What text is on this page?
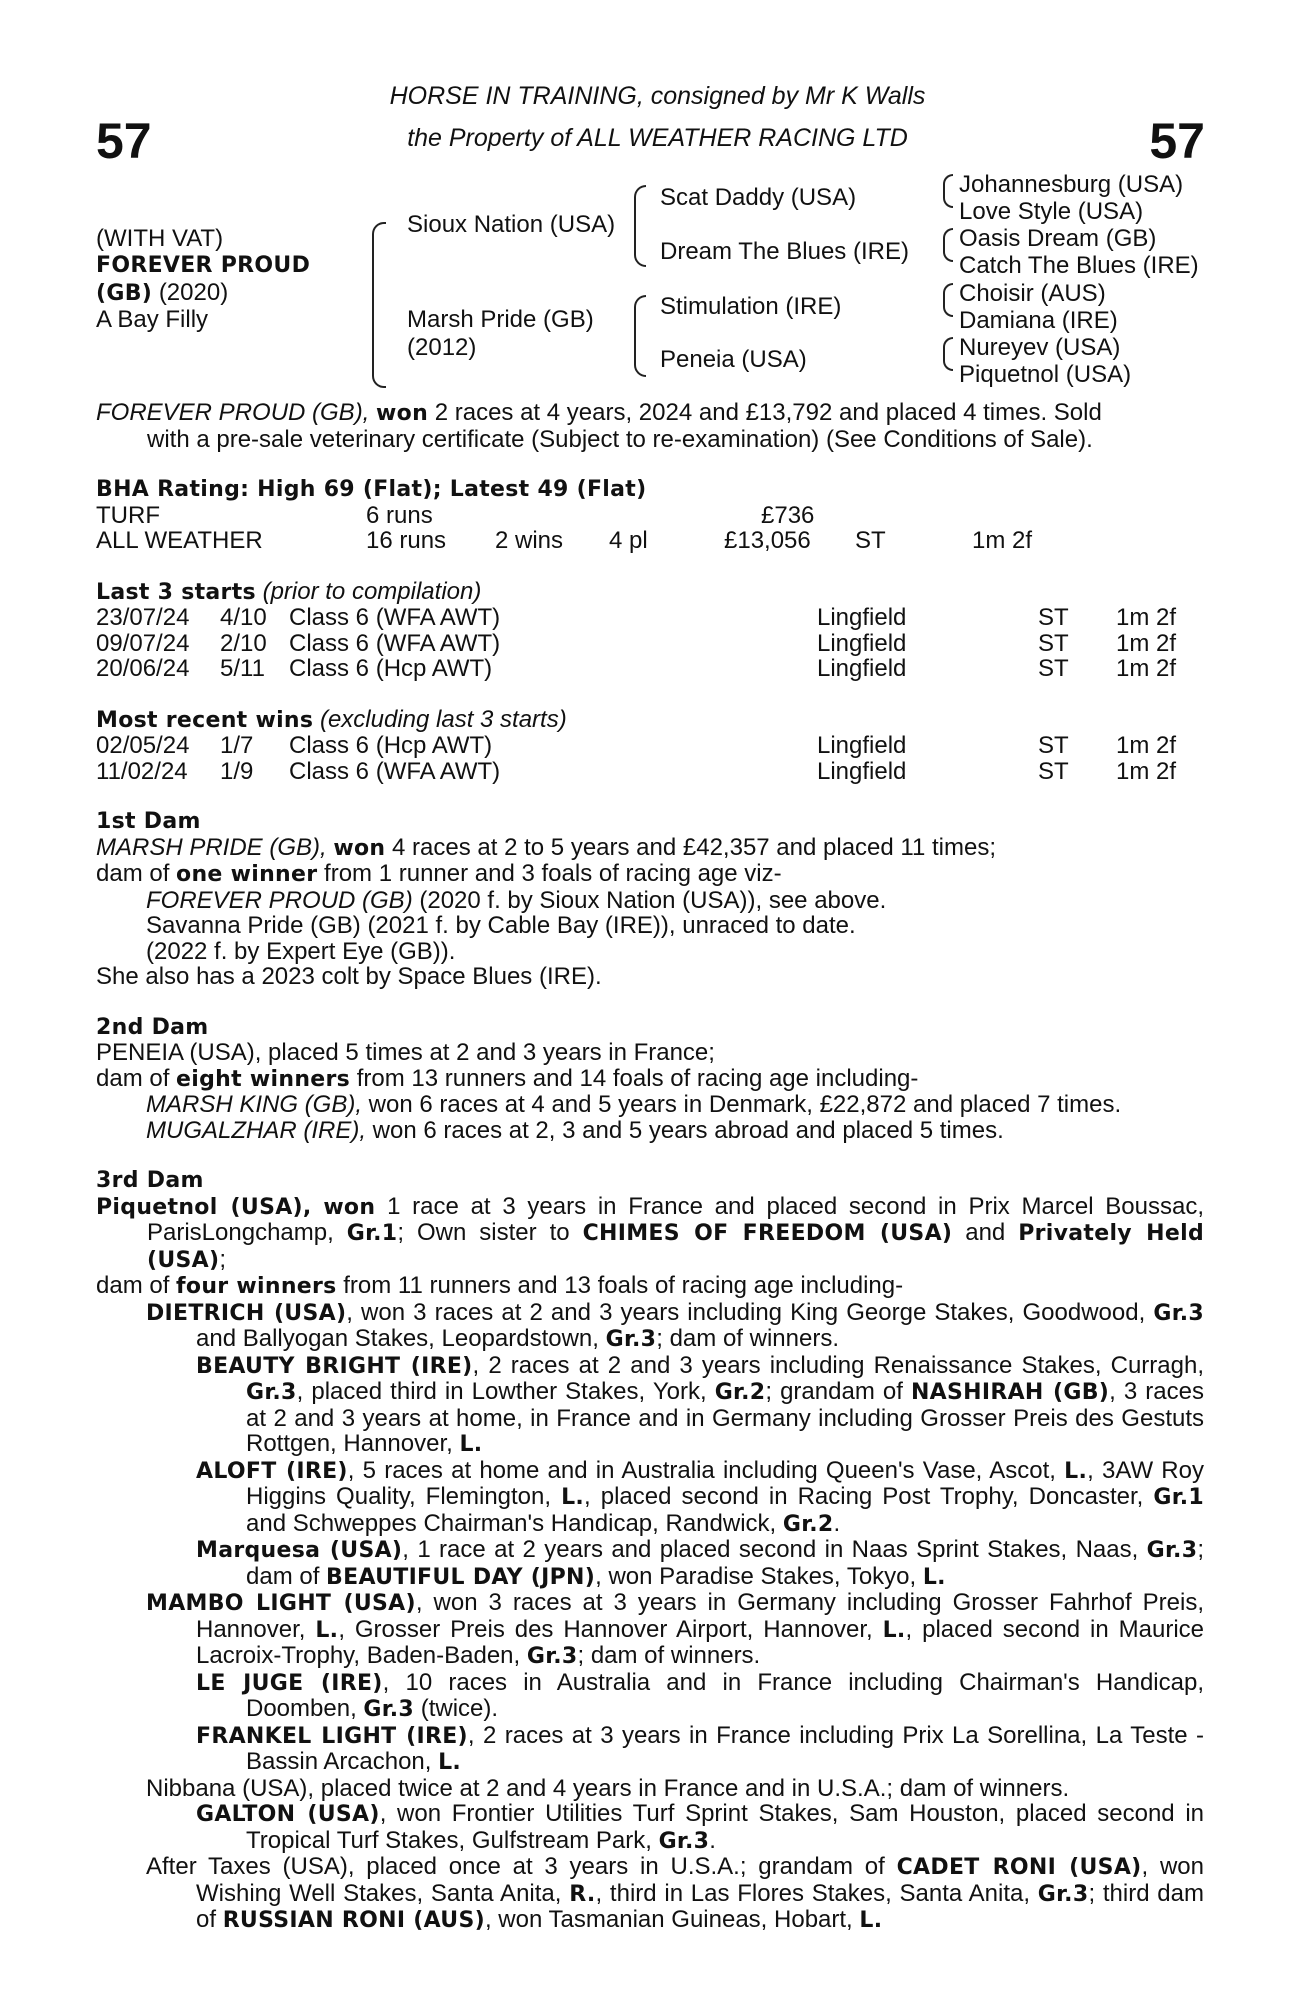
57	57
HORSE IN TRAINING, consigned by Mr K Walls
the Property of ALL WEATHER RACING LTD
(WITH VAT)
FOREVER PROUD
(GB) (2020)
A Bay Filly
Sioux Nation (USA)
Marsh Pride (GB)
(2012)
Scat Daddy (USA)
Dream The Blues (IRE)
Stimulation (IRE)
Peneia (USA)
Johannesburg (USA)
Love Style (USA)
Oasis Dream (GB)
Catch The Blues (IRE)
Choisir (AUS)
Damiana (IRE)
Nureyev (USA)
Piquetnol (USA)

FOREVER PROUD (GB), won 2 races at 4 years, 2024 and £13,792 and placed 4 times. Sold
with a pre-sale veterinary certificate (Subject to re-examination) (See Conditions of Sale).

BHA Rating: High 69 (Flat); Latest 49 (Flat)

TURF	6 runs	£736
ALL WEATHER	16 runs 2 wins 4 pl	£13,056 ST	1m 2f

Last 3 starts (prior to compilation)

23/07/24 4/10 Class 6 (WFA AWT)	Lingfield	ST 1m 2f
09/07/24 2/10 Class 6 (WFA AWT)	Lingfield	ST 1m 2f
20/06/24 5/11 Class 6 (Hcp AWT)	Lingfield	ST 1m 2f

Most recent wins (excluding last 3 starts)

02/05/24 1/7 Class 6 (Hcp AWT)	Lingfield	ST 1m 2f
11/02/24 1/9 Class 6 (WFA AWT)	Lingfield	ST 1m 2f

1st Dam

MARSH PRIDE (GB), won 4 races at 2 to 5 years and £42,357 and placed 11 times;

dam of one winner from 1 runner and 3 foals of racing age viz-

FOREVER PROUD (GB) (2020 f. by Sioux Nation (USA)), see above.

Savanna Pride (GB) (2021 f. by Cable Bay (IRE)), unraced to date.

(2022 f. by Expert Eye (GB)).

She also has a 2023 colt by Space Blues (IRE).

2nd Dam

PENEIA (USA), placed 5 times at 2 and 3 years in France;

dam of eight winners from 13 runners and 14 foals of racing age including-

MARSH KING (GB), won 6 races at 4 and 5 years in Denmark, £22,872 and placed 7 times.

MUGALZHAR (IRE), won 6 races at 2, 3 and 5 years abroad and placed 5 times.

3rd Dam

Piquetnol (USA), won 1 race at 3 years in France and placed second in Prix Marcel Boussac, ParisLongchamp, Gr.1; Own sister to CHIMES OF FREEDOM (USA) and Privately Held (USA);

dam of four winners from 11 runners and 13 foals of racing age including-

DIETRICH (USA), won 3 races at 2 and 3 years including King George Stakes, Goodwood, Gr.3 and Ballyogan Stakes, Leopardstown, Gr.3; dam of winners.

BEAUTY BRIGHT (IRE), 2 races at 2 and 3 years including Renaissance Stakes, Curragh, Gr.3, placed third in Lowther Stakes, York, Gr.2; grandam of NASHIRAH (GB), 3 races at 2 and 3 years at home, in France and in Germany including Grosser Preis des Gestuts Rottgen, Hannover, L.

ALOFT (IRE), 5 races at home and in Australia including Queen's Vase, Ascot, L., 3AW Roy Higgins Quality, Flemington, L., placed second in Racing Post Trophy, Doncaster, Gr.1 and Schweppes Chairman's Handicap, Randwick, Gr.2.

Marquesa (USA), 1 race at 2 years and placed second in Naas Sprint Stakes, Naas, Gr.3; dam of BEAUTIFUL DAY (JPN), won Paradise Stakes, Tokyo, L.

MAMBO LIGHT (USA), won 3 races at 3 years in Germany including Grosser Fahrhof Preis, Hannover, L., Grosser Preis des Hannover Airport, Hannover, L., placed second in Maurice Lacroix-Trophy, Baden-Baden, Gr.3; dam of winners.

LE JUGE (IRE), 10 races in Australia and in France including Chairman's Handicap, Doomben, Gr.3 (twice).

FRANKEL LIGHT (IRE), 2 races at 3 years in France including Prix La Sorellina, La Teste - Bassin Arcachon, L.

Nibbana (USA), placed twice at 2 and 4 years in France and in U.S.A.; dam of winners.

GALTON (USA), won Frontier Utilities Turf Sprint Stakes, Sam Houston, placed second in Tropical Turf Stakes, Gulfstream Park, Gr.3.

After Taxes (USA), placed once at 3 years in U.S.A.; grandam of CADET RONI (USA), won Wishing Well Stakes, Santa Anita, R., third in Las Flores Stakes, Santa Anita, Gr.3; third dam of RUSSIAN RONI (AUS), won Tasmanian Guineas, Hobart, L.
